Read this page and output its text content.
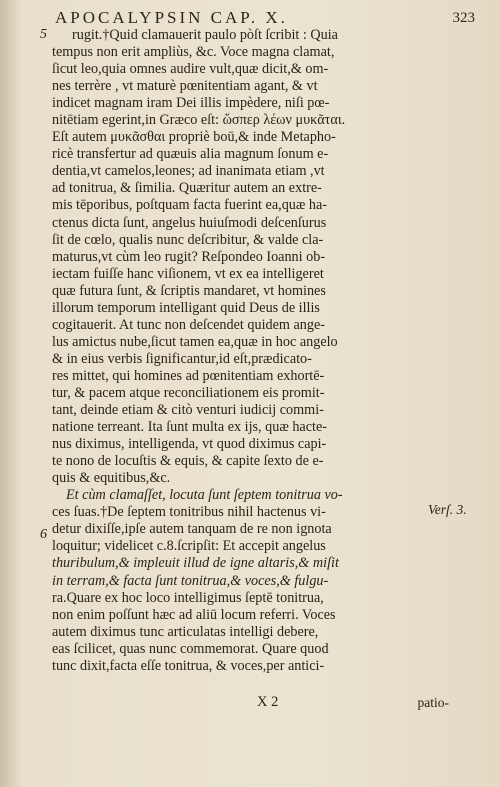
APOCALYPSIN CAP. X.	323
5
6
Verſ. 3.
rugit.†Quid clamauerit paulo pòſt ſcribit : Quia
tempus non erit ampliùs, &c. Voce magna clamat,
ſicut leo,quia omnes audire vult,quæ dicit,& om-
nes terrère , vt maturè pœnitentiam agant, & vt
indicet magnam iram Dei illis impèdere, niſi pœ-
nitētiam egerint,in Græco eſt: ὥσπερ λέων μυκᾶται.
Eſt autem μυκᾶσθαι propriè boū,& inde Metapho-
ricè transfertur ad quæuis alia magnum ſonum e-
dentia,vt camelos,leones; ad inanimata etiam ,vt
ad tonitrua, & ſimilia. Quæritur autem an extre-
mis tēporibus, poſtquam facta fuerint ea,quæ ha-
ctenus dicta ſunt, angelus huiuſmodi deſcenſurus
ſit de cœlo, qualis nunc deſcribitur, & valde cla-
maturus,vt cùm leo rugit? Reſpondeo Ioanni ob-
iectam fuiſſe hanc viſionem, vt ex ea intelligeret
quæ futura ſunt, & ſcriptis mandaret, vt homines
illorum temporum intelligant quid Deus de illis
cogitauerit. At tunc non deſcendet quidem ange-
lus amictus nube,ſicut tamen ea,quæ in hoc angelo
& in eius verbis ſignificantur,id eſt,prædicato-
res mittet, qui homines ad pœnitentiam exhortē-
tur, & pacem atque reconciliationem eis promit-
tant, deinde etiam & citò venturi iudicij commi-
natione terreant. Ita ſunt multa ex ijs, quæ hacte-
nus diximus, intelligenda, vt quod diximus capi-
te nono de locuſtis & equis, & capite ſexto de e-
quis & equitibus,&c.
Et cùm clamaſſet, locuta ſunt ſeptem tonitrua vo-
ces ſuas.†De ſeptem tonitribus nihil hactenus vi-
detur dixiſſe,ipſe autem tanquam de re non ignota
loquitur; videlicet c.8.ſcripſit: Et accepit angelus
thuribulum,& impleuit illud de igne altaris,& miſit
in terram,& facta ſunt tonitrua,& voces,& fulgu-
ra.Quare ex hoc loco intelligimus ſeptē tonitrua,
non enim poſſunt hæc ad aliū locum referri. Voces
autem diximus tunc articulatas intelligi debere,
eas ſcilicet, quas nunc commemorat. Quare quod
tunc dixit,facta eſſe tonitrua, & voces,per antici-
X 2	patio-
